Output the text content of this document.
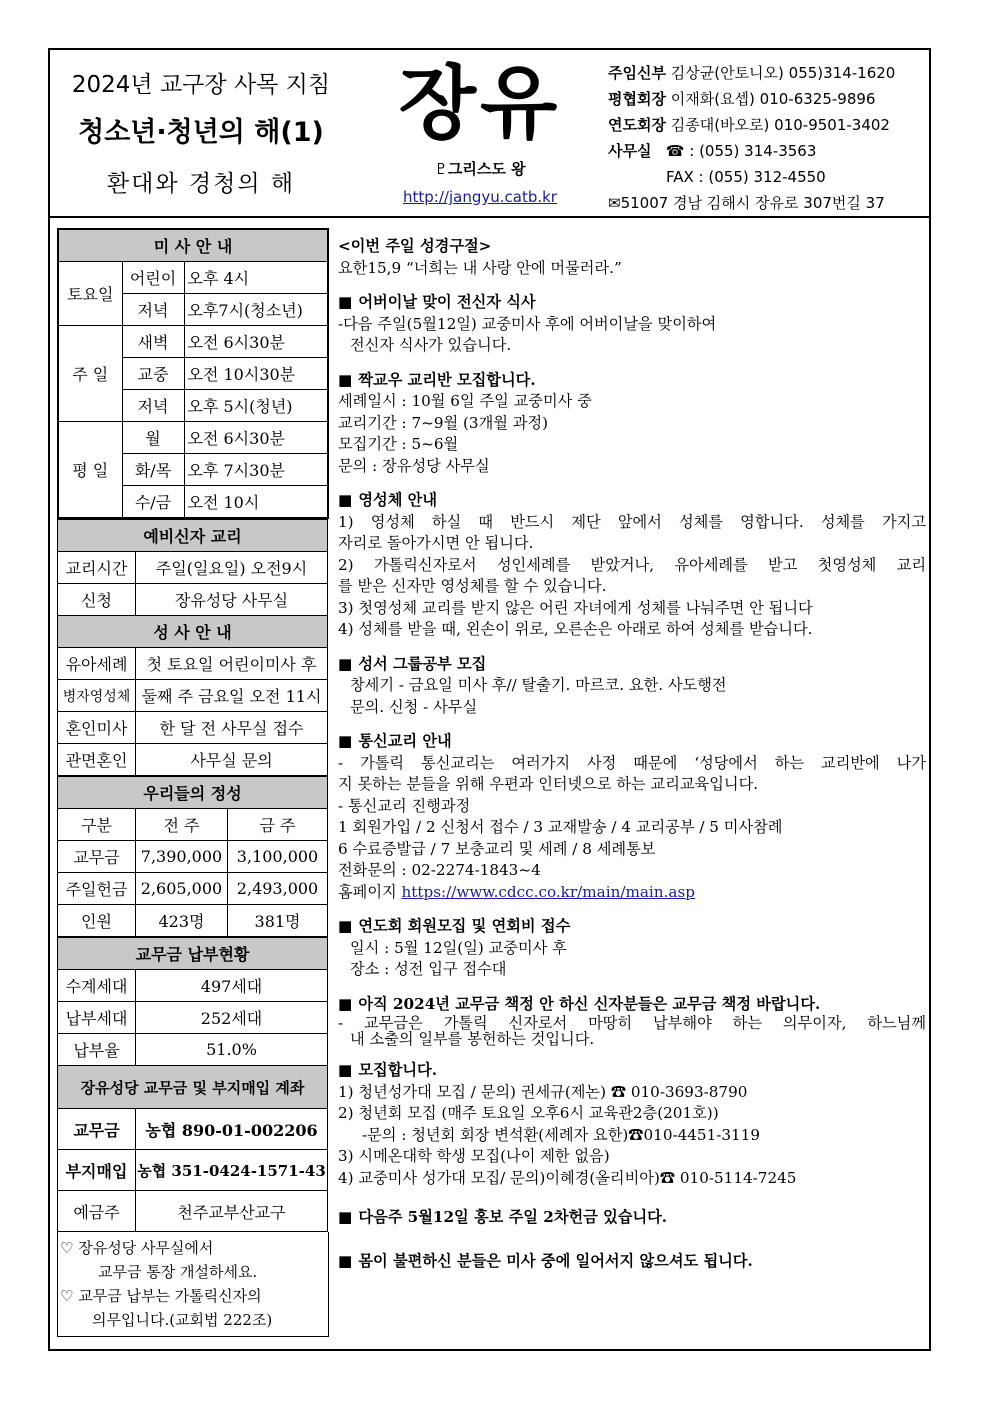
2024년 교구장 사목 지침
청소년·청년의 해(1)
환대와 경청의 해
장유
♇그리스도 왕
http://jangyu.catb.kr
주임신부 김상균(안토니오) 055)314-1620
평협회장 이재화(요셉) 010-6325-9896
연도회장 김종대(바오로) 010-9501-3402
사무실 ☎ : (055) 314-3563
FAX : (055) 312-4550
✉51007 경남 김해시 장유로 307번길 37
미 사 안 내		
토요일	어린이	오후 4시
	저녁	오후7시(청소년)
주 일	새벽	오전 6시30분
	교중	오전 10시30분
	저녁	오후 5시(청년)
평 일	월	오전 6시30분
	화/목	오후 7시30분
	수/금	오전 10시
예비신자 교리	
교리시간	주일(일요일) 오전9시
신청	장유성당 사무실
성 사 안 내	
유아세례	첫 토요일 어린이미사 후
병자영성체	둘째 주 금요일 오전 11시
혼인미사	한 달 전 사무실 접수
관면혼인	사무실 문의
우리들의 정성		
구분	전 주	금 주
교무금	7,390,000	3,100,000
주일헌금	2,605,000	2,493,000
인원	423명	381명
교무금 납부현황	
수계세대	497세대
납부세대	252세대
납부율	51.0%
장유성당 교무금 및 부지매입 계좌	
교무금	농협 890-01-002206
부지매입	농협 351-0424-1571-43
예금주	천주교부산교구
♡ 장유성당 사무실에서
교무금 통장 개설하세요.
♡ 교무금 납부는 가톨릭신자의
의무입니다.(교회법 222조)
<이번 주일 성경구절>
요한15,9 “너희는 내 사랑 안에 머물러라.”
■ 어버이날 맞이 전신자 식사
-다음 주일(5월12일) 교중미사 후에 어버이날을 맞이하여
전신자 식사가 있습니다.
■ 짝교우 교리반 모집합니다.
세례일시 : 10월 6일 주일 교중미사 중
교리기간 : 7~9월 (3개월 과정)
모집기간 : 5~6월
문의 : 장유성당 사무실
■ 영성체 안내
1) 영성체 하실 때 반드시 제단 앞에서 성체를 영합니다. 성체를 가지고
자리로 돌아가시면 안 됩니다.
2) 가톨릭신자로서 성인세례를 받았거나, 유아세례를 받고 첫영성체 교리
를 받은 신자만 영성체를 할 수 있습니다.
3) 첫영성체 교리를 받지 않은 어린 자녀에게 성체를 나눠주면 안 됩니다
4) 성체를 받을 때, 왼손이 위로, 오른손은 아래로 하여 성체를 받습니다.
■ 성서 그룹공부 모집
창세기 - 금요일 미사 후// 탈출기. 마르코. 요한. 사도행전
문의. 신청 - 사무실
■ 통신교리 안내
- 가톨릭 통신교리는 여러가지 사정 때문에 ‘성당에서 하는 교리반에 나가
지 못하는 분들을 위해 우편과 인터넷으로 하는 교리교육입니다.
- 통신교리 진행과정
1 회원가입 / 2 신청서 접수 / 3 교재발송 / 4 교리공부 / 5 미사참례
6 수료증발급 / 7 보충교리 및 세례 / 8 세례통보
전화문의 : 02-2274-1843~4
홈페이지 https://www.cdcc.co.kr/main/main.asp
■ 연도회 회원모집 및 연회비 접수
일시 : 5월 12일(일) 교중미사 후
장소 : 성전 입구 접수대
■ 아직 2024년 교무금 책정 안 하신 신자분들은 교무금 책정 바랍니다.
- 교무금은 가톨릭 신자로서 마땅히 납부해야 하는 의무이자, 하느님께
내 소출의 일부를 봉헌하는 것입니다.
■ 모집합니다.
1) 청년성가대 모집 / 문의) 권세규(제논) ☎ 010-3693-8790
2) 청년회 모집 (매주 토요일 오후6시 교육관2층(201호))
-문의 : 청년회 회장 변석환(세례자 요한)☎010-4451-3119
3) 시메온대학 학생 모집(나이 제한 없음)
4) 교중미사 성가대 모집/ 문의)이혜경(올리비아)☎ 010-5114-7245
■ 다음주 5월12일 홍보 주일 2차헌금 있습니다.
■ 몸이 불편하신 분들은 미사 중에 일어서지 않으셔도 됩니다.
